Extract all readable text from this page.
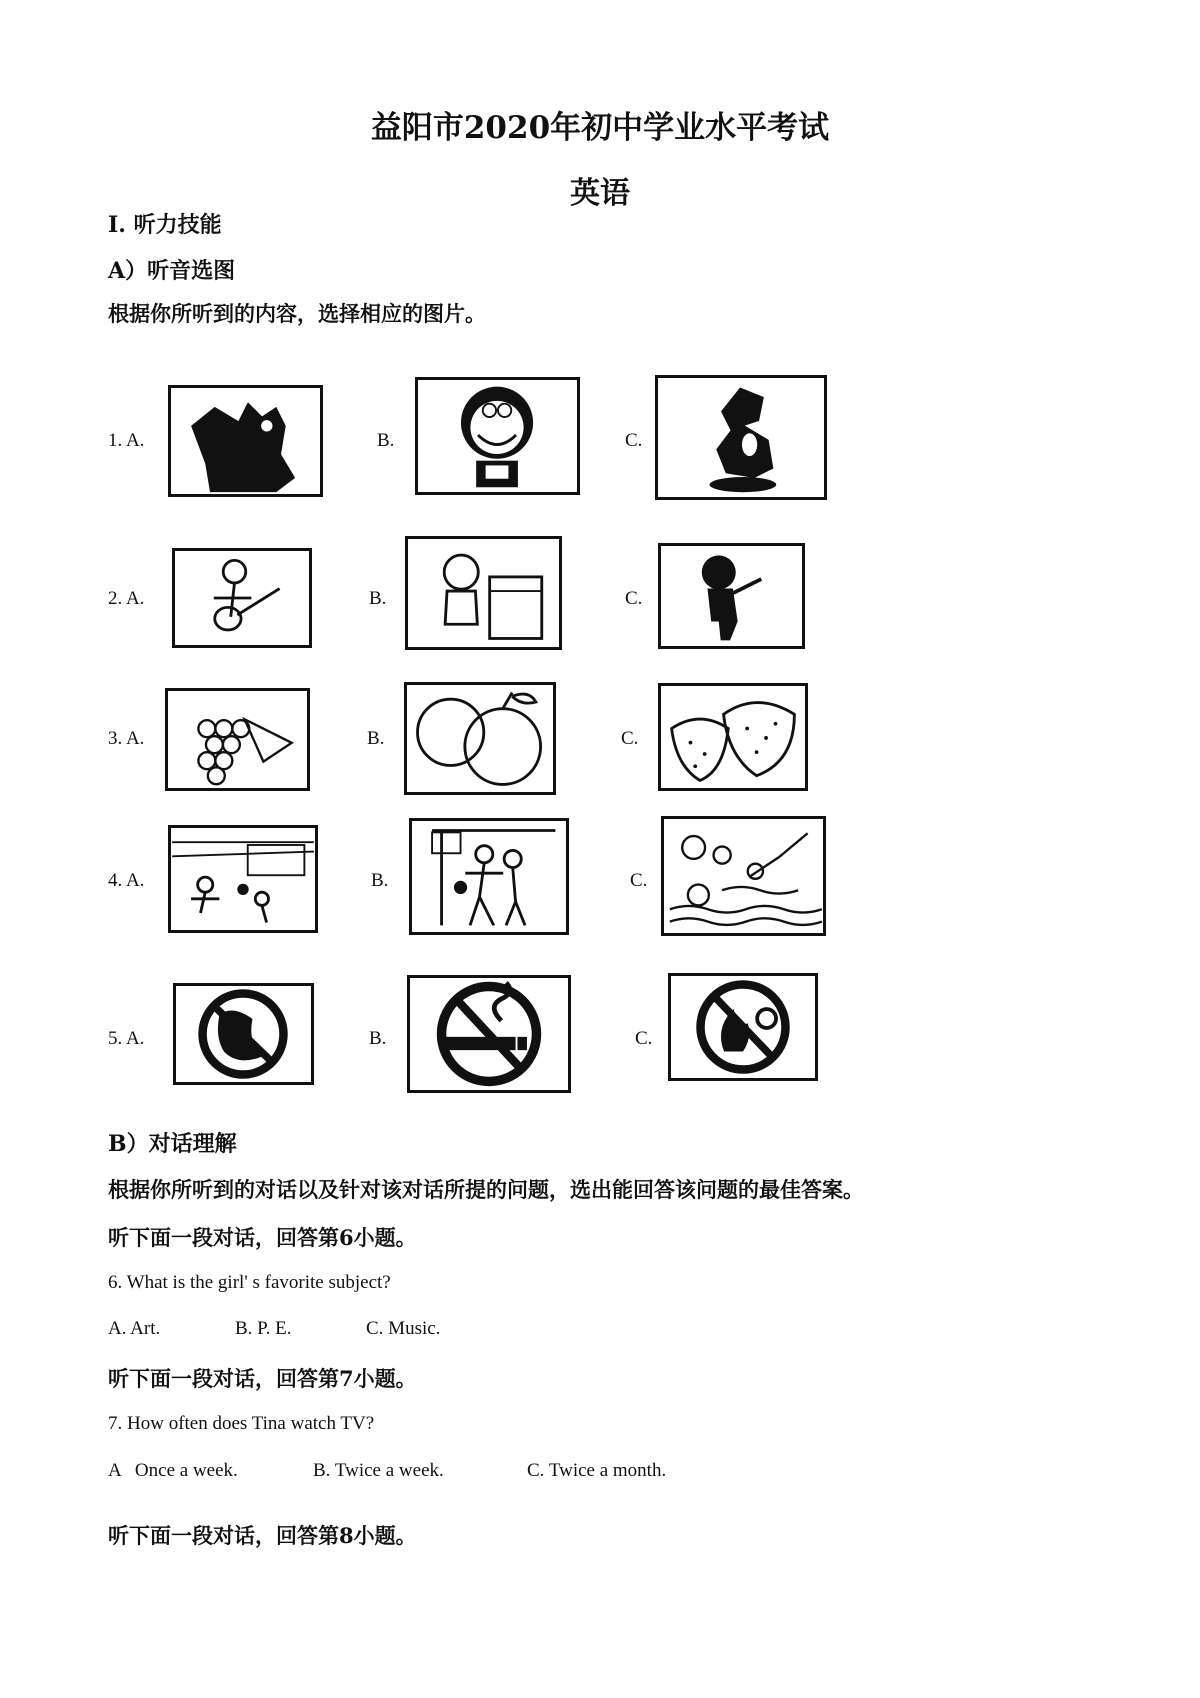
益阳市2020年初中学业水平考试
英语
Ⅰ. 听力技能
A）听音选图
根据你所听到的内容，选择相应的图片。
1. A.	B.	C.
2. A.	B.	C.
3. A.	B.	C.
4. A.	B.	C.
5. A.	B.	C.
B）对话理解
根据你所听到的对话以及针对该对话所提的问题，选出能回答该问题的最佳答案。
听下面一段对话，回答第6小题。
6. What is the girl' s favorite subject?
A. Art.	B. P. E.	C. Music.
听下面一段对话，回答第7小题。
7. How often does Tina watch TV?
A   Once a week.	B. Twice a week.	C. Twice a month.
听下面一段对话，回答第8小题。
